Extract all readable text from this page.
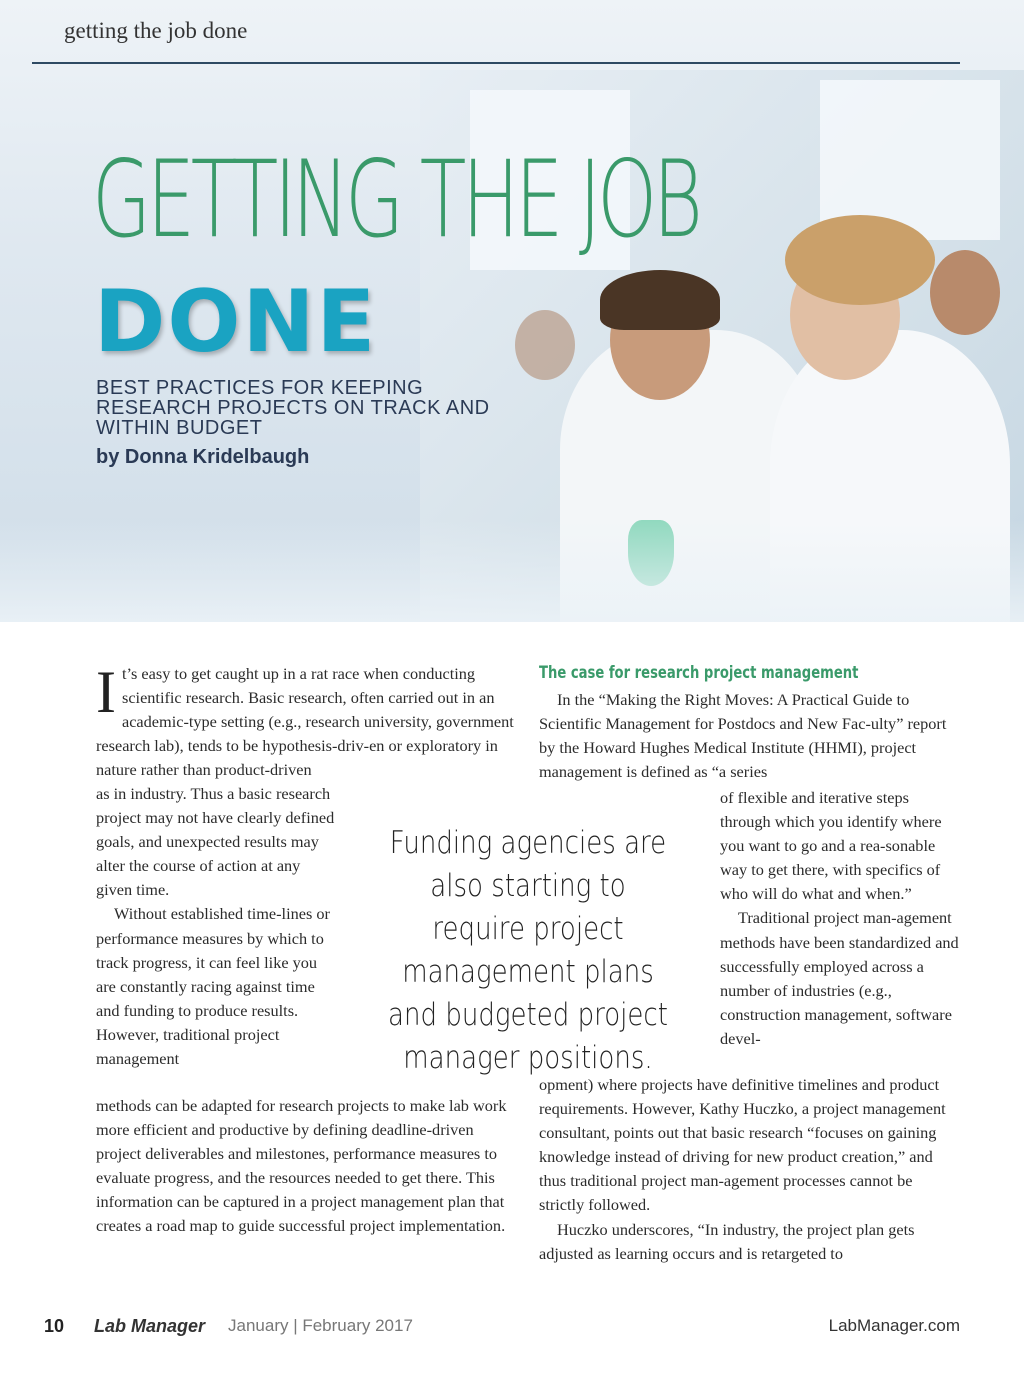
getting the job done
GETTING THE JOB
DONE
BEST PRACTICES FOR KEEPING RESEARCH PROJECTS ON TRACK AND WITHIN BUDGET
by Donna Kridelbaugh
I t’s easy to get caught up in a rat race when conducting scientific research. Basic research, often carried out in an academic-type setting (e.g., research university, government research lab), tends to be hypothesis-driv-en or exploratory in nature rather than product-driven

as in industry. Thus a basic research project may not have clearly defined goals, and unexpected results may alter the course of action at any given time.

Without established time-lines or performance measures by which to track progress, it can feel like you are constantly racing against time and funding to produce results. However, traditional project management

methods can be adapted for research projects to make lab work more efficient and productive by defining deadline-driven project deliverables and milestones, performance measures to evaluate progress, and the resources needed to get there. This information can be captured in a project management plan that creates a road map to guide successful project implementation.

Funding agencies are also starting to require project management plans and budgeted project manager positions.
The case for research project management

In the “Making the Right Moves: A Practical Guide to Scientific Management for Postdocs and New Fac-ulty” report by the Howard Hughes Medical Institute (HHMI), project management is defined as “a series

of flexible and iterative steps through which you identify where you want to go and a rea-sonable way to get there, with specifics of who will do what and when.”

Traditional project man-agement methods have been standardized and successfully employed across a number of industries (e.g., construction management, software devel-

opment) where projects have definitive timelines and product requirements. However, Kathy Huczko, a project management consultant, points out that basic research “focuses on gaining knowledge instead of driving for new product creation,” and thus traditional project man-agement processes cannot be strictly followed.

Huczko underscores, “In industry, the project plan gets adjusted as learning occurs and is retargeted to

10 Lab Manager January | February 2017	LabManager.com
